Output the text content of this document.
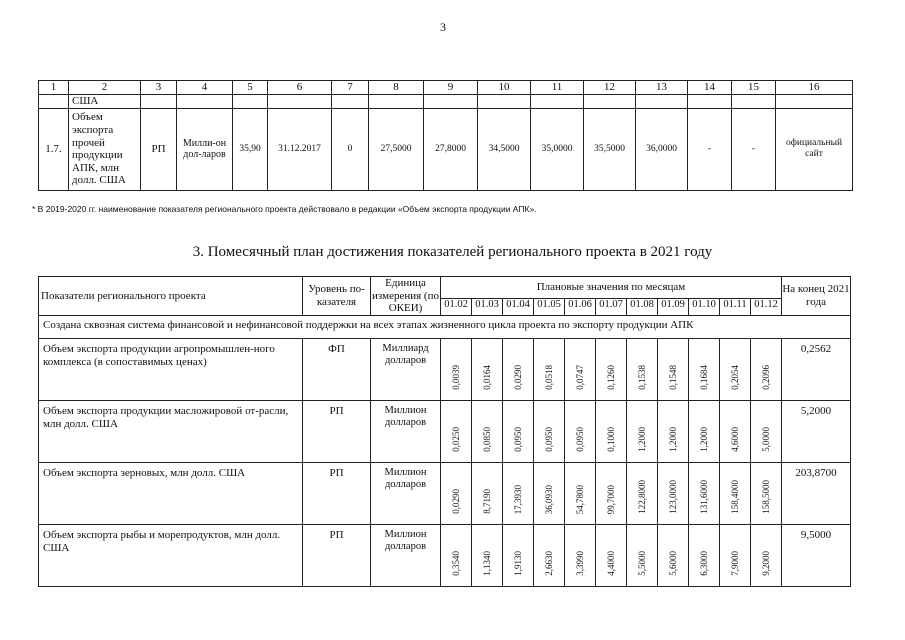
3
1	2	3	4	5	6	7	8	9	10	11	12	13	14	15	16
	США														
1.7.	Объем экспорта прочей продукции АПК, млн долл. США	РП	Милли-он дол-ларов	35,90	31.12.2017	0	27,5000	27,8000	34,5000	35,0000	35,5000	36,0000	-	-	официальный сайт
* В 2019-2020 гг. наименование показателя регионального проекта действовало в редакции «Объем экспорта продукции АПК».
3. Помесячный план достижения показателей регионального проекта в 2021 году
Показатели регионального проекта	Уровень по-казателя	Единица измерения (по ОКЕИ)	Плановые значения по месяцам											На конец 2021 года
			01.02	01.03	01.04	01.05	01.06	01.07	01.08	01.09	01.10	01.11	01.12	
Создана сквозная система финансовой и нефинансовой поддержки на всех этапах жизненного цикла проекта по экспорту продукции АПК														
Объем экспорта продукции агропромышлен-ного комплекса (в сопоставимых ценах)	ФП	Миллиард долларов	0,0039	0,0164	0,0290	0,0518	0,0747	0,1260	0,1538	0,1548	0,1684	0,2054	0,2096	0,2562
Объем экспорта продукции масложировой от-расли, млн долл. США	РП	Миллион долларов	0,0250	0,0850	0,0950	0,0950	0,0950	0,1000	1,2000	1,2000	1,2000	4,6000	5,0000	5,2000
Объем экспорта зерновых, млн долл. США	РП	Миллион долларов	0,0290	8,7190	17,3930	36,0930	54,7800	99,7000	122,8000	123,0000	131,6000	158,4000	158,5000	203,8700
Объем экспорта рыбы и морепродуктов, млн долл. США	РП	Миллион долларов	0,3540	1,1340	1,9130	2,6630	3,3990	4,4000	5,5000	5,6000	6,3000	7,9000	9,2000	9,5000
